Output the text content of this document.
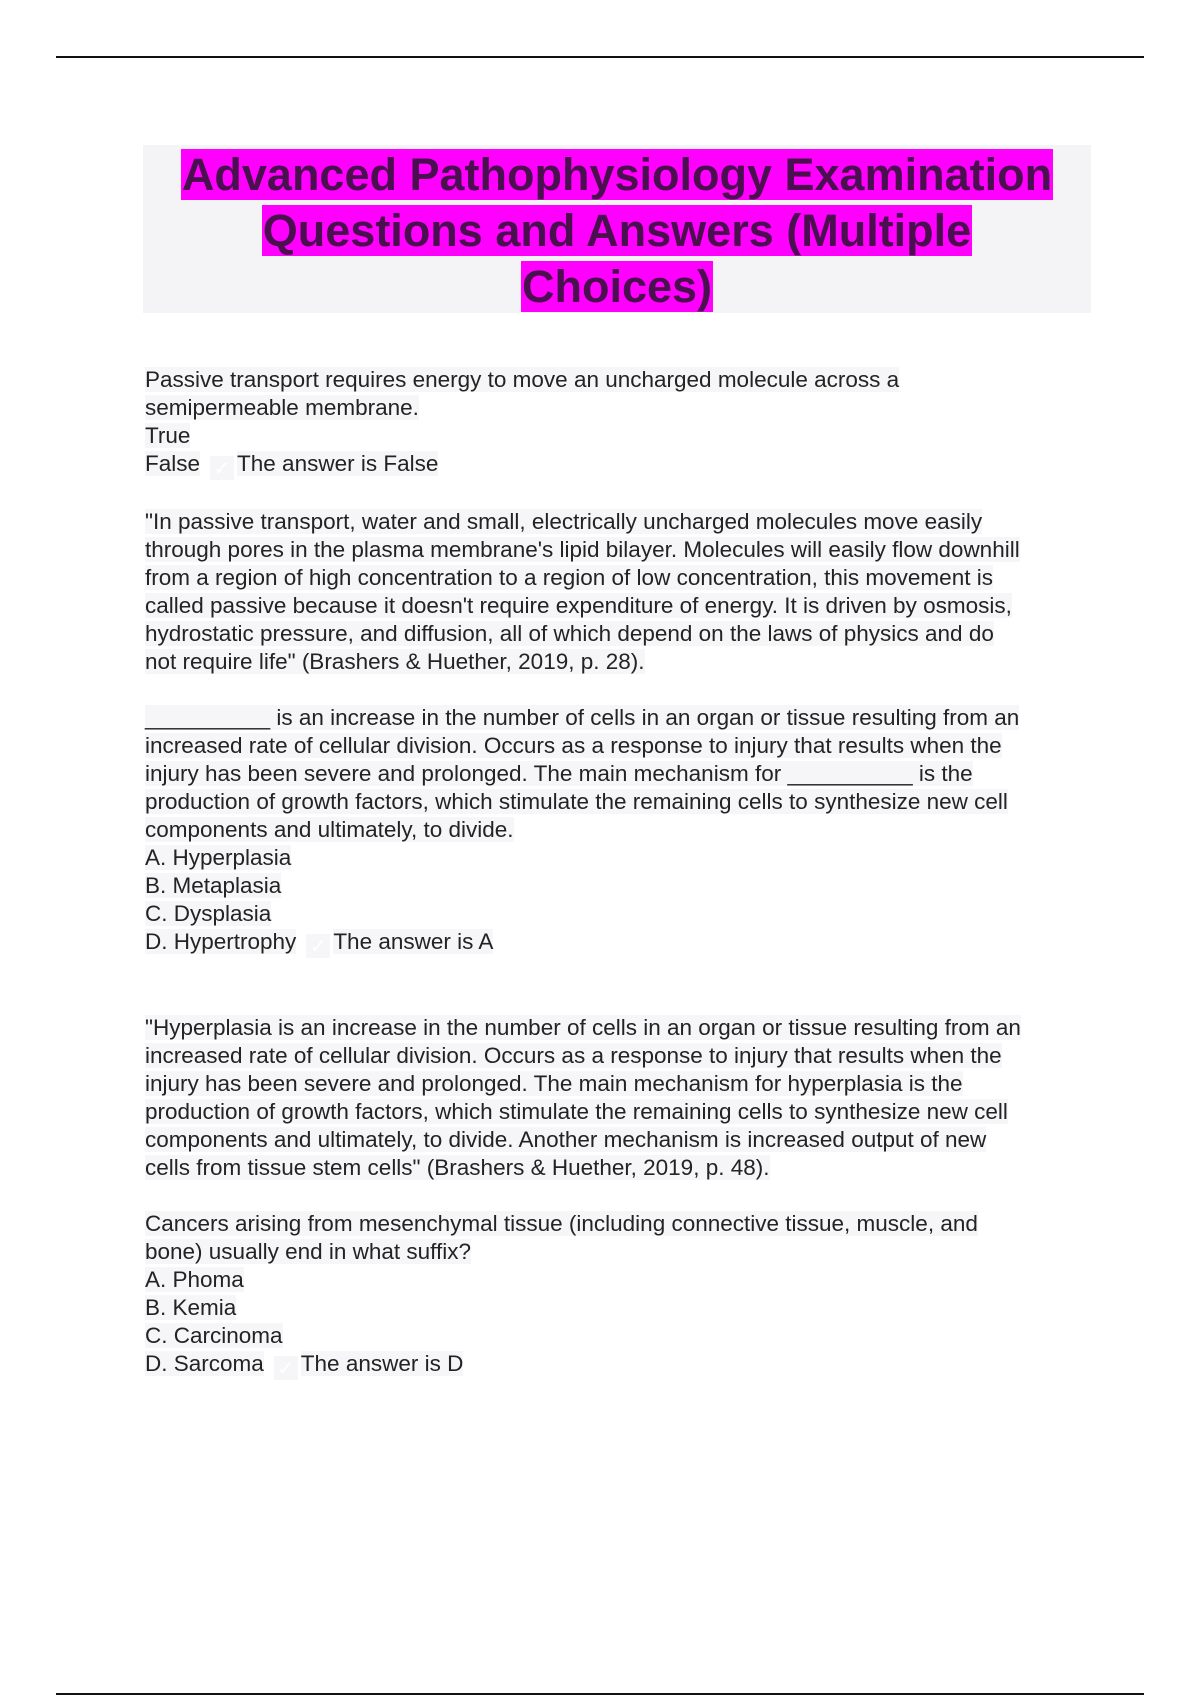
Advanced Pathophysiology Examination
Questions and Answers (Multiple
Choices)
Passive transport requires energy to move an uncharged molecule across a
semipermeable membrane.
True
False ✓ The answer is False
"In passive transport, water and small, electrically uncharged molecules move easily
through pores in the plasma membrane's lipid bilayer. Molecules will easily flow downhill
from a region of high concentration to a region of low concentration, this movement is
called passive because it doesn't require expenditure of energy. It is driven by osmosis,
hydrostatic pressure, and diffusion, all of which depend on the laws of physics and do
not require life" (Brashers & Huether, 2019, p. 28).
__________ is an increase in the number of cells in an organ or tissue resulting from an
increased rate of cellular division. Occurs as a response to injury that results when the
injury has been severe and prolonged. The main mechanism for __________ is the
production of growth factors, which stimulate the remaining cells to synthesize new cell
components and ultimately, to divide.
A. Hyperplasia
B. Metaplasia
C. Dysplasia
D. Hypertrophy ✓ The answer is A
"Hyperplasia is an increase in the number of cells in an organ or tissue resulting from an
increased rate of cellular division. Occurs as a response to injury that results when the
injury has been severe and prolonged. The main mechanism for hyperplasia is the
production of growth factors, which stimulate the remaining cells to synthesize new cell
components and ultimately, to divide. Another mechanism is increased output of new
cells from tissue stem cells" (Brashers & Huether, 2019, p. 48).
Cancers arising from mesenchymal tissue (including connective tissue, muscle, and
bone) usually end in what suffix?
A. Phoma
B. Kemia
C. Carcinoma
D. Sarcoma ✓ The answer is D
